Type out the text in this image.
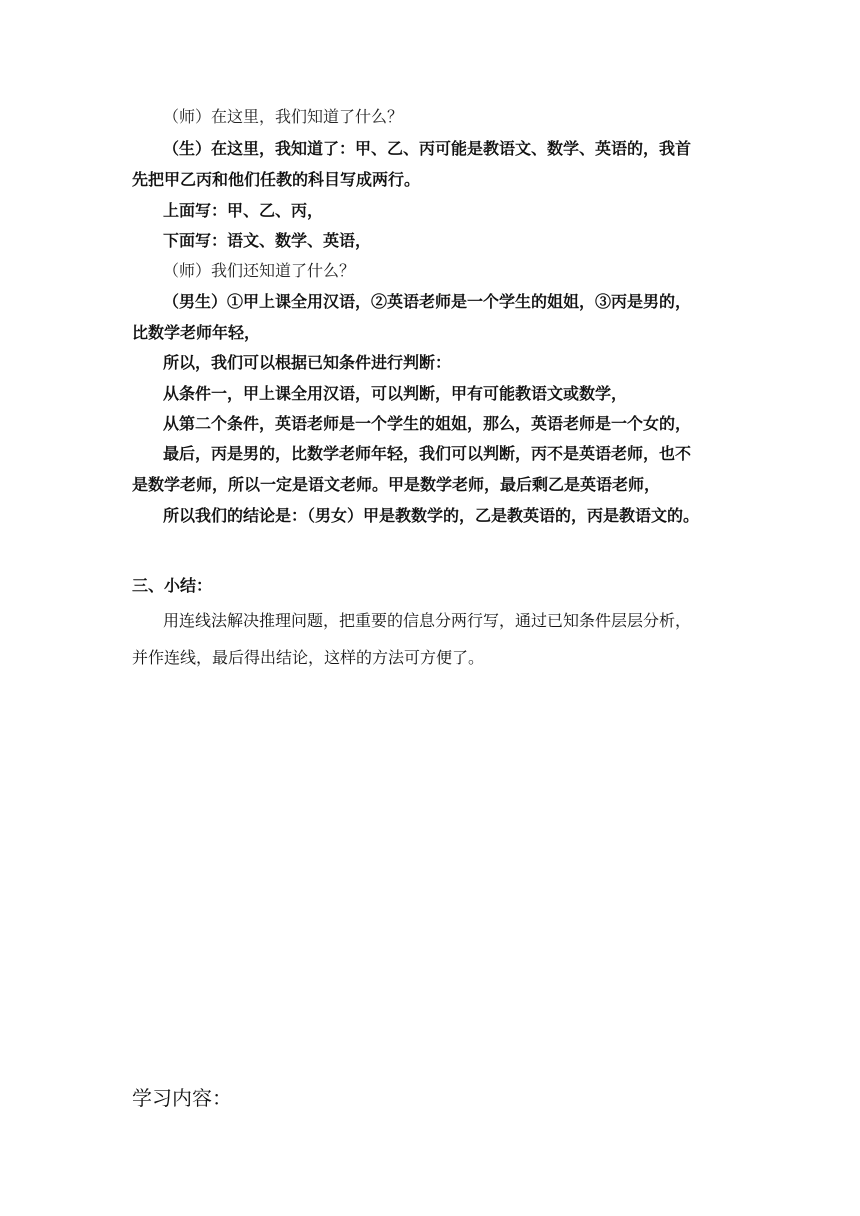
（师）在这里，我们知道了什么？

（生）在这里，我知道了：甲、乙、丙可能是教语文、数学、英语的，我首

先把甲乙丙和他们任教的科目写成两行。

上面写：甲、乙、丙，

下面写：语文、数学、英语，

（师）我们还知道了什么？

（男生）①甲上课全用汉语，②英语老师是一个学生的姐姐，③丙是男的，

比数学老师年轻，

所以，我们可以根据已知条件进行判断：

从条件一，甲上课全用汉语，可以判断，甲有可能教语文或数学，

从第二个条件，英语老师是一个学生的姐姐，那么，英语老师是一个女的，

最后，丙是男的，比数学老师年轻，我们可以判断，丙不是英语老师，也不

是数学老师，所以一定是语文老师。甲是数学老师，最后剩乙是英语老师，

所以我们的结论是：（男女）甲是教数学的，乙是教英语的，丙是教语文的。

三、小结：

用连线法解决推理问题，把重要的信息分两行写，通过已知条件层层分析，

并作连线，最后得出结论，这样的方法可方便了。

学习内容：
